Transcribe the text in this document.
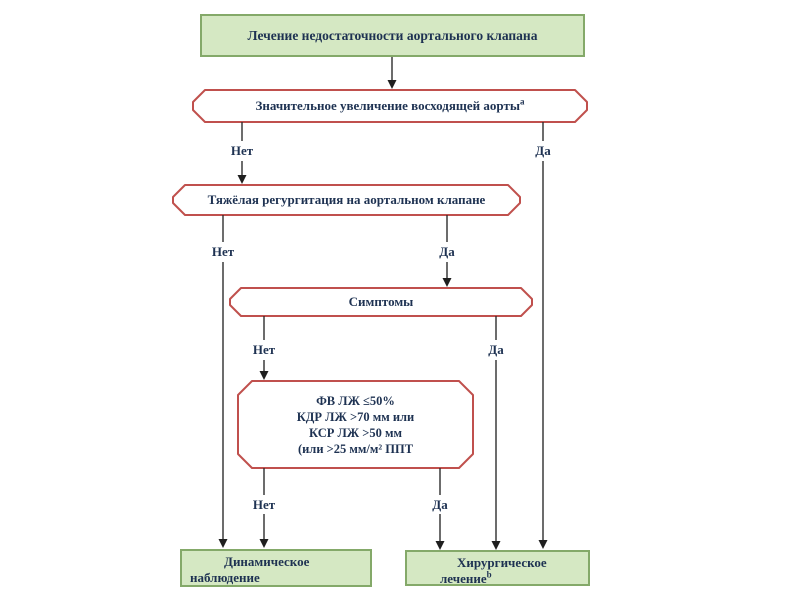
Лечение недостаточности аортального клапана
Значительное увеличение восходящей аорты$^a$
Тяжёлая регургитация на аортальном клапане
Симптомы
ФВ ЛЖ ≤50%
КДР ЛЖ >70 мм или
КСР ЛЖ >50 мм
(или >25 мм/м² ППТ
Нет	Да
Нет	Да
Нет	Да
Нет	Да
Динамическое
наблюдение
Хирургическое
лечение$^b$
